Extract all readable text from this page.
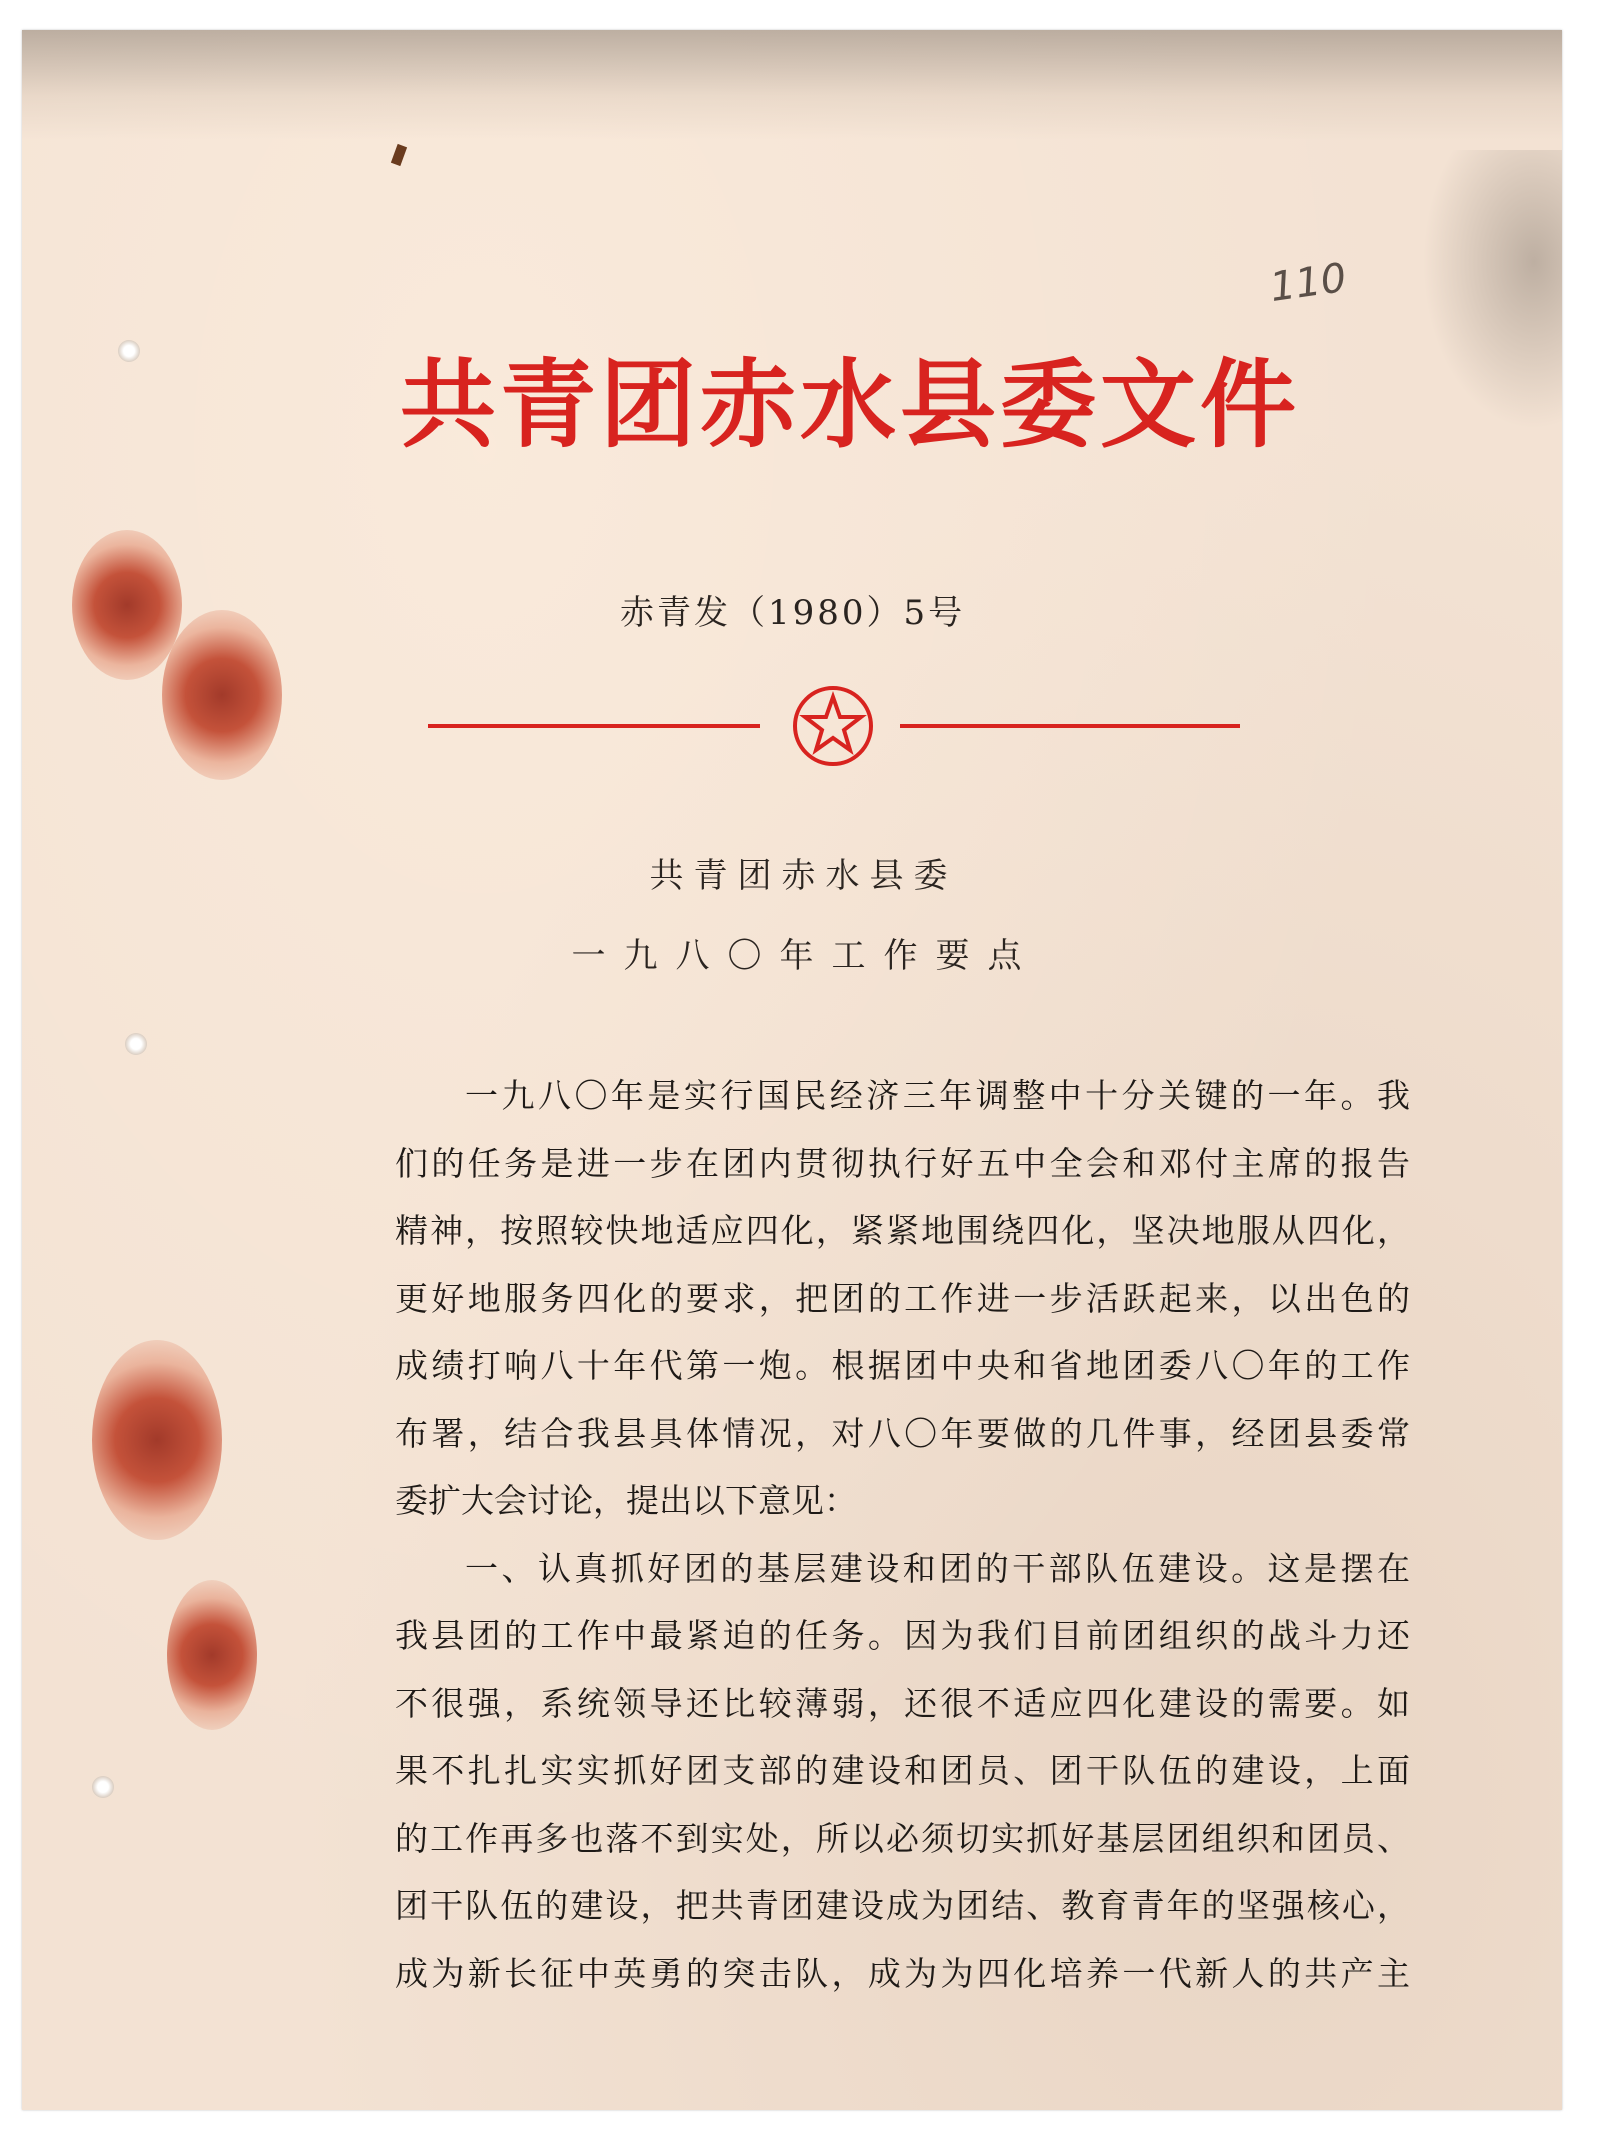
110
共青团赤水县委文件
赤青发（1980）5号
共青团赤水县委
一九八〇年工作要点
一九八〇年是实行国民经济三年调整中十分关键的一年。我
们的任务是进一步在团内贯彻执行好五中全会和邓付主席的报告
精神，按照较快地适应四化，紧紧地围绕四化，坚决地服从四化，
更好地服务四化的要求，把团的工作进一步活跃起来，以出色的
成绩打响八十年代第一炮。根据团中央和省地团委八〇年的工作
布署，结合我县具体情况，对八〇年要做的几件事，经团县委常
委扩大会讨论，提出以下意见：
一、认真抓好团的基层建设和团的干部队伍建设。这是摆在
我县团的工作中最紧迫的任务。因为我们目前团组织的战斗力还
不很强，系统领导还比较薄弱，还很不适应四化建设的需要。如
果不扎扎实实抓好团支部的建设和团员、团干队伍的建设，上面
的工作再多也落不到实处，所以必须切实抓好基层团组织和团员、
团干队伍的建设，把共青团建设成为团结、教育青年的坚强核心，
成为新长征中英勇的突击队，成为为四化培养一代新人的共产主
